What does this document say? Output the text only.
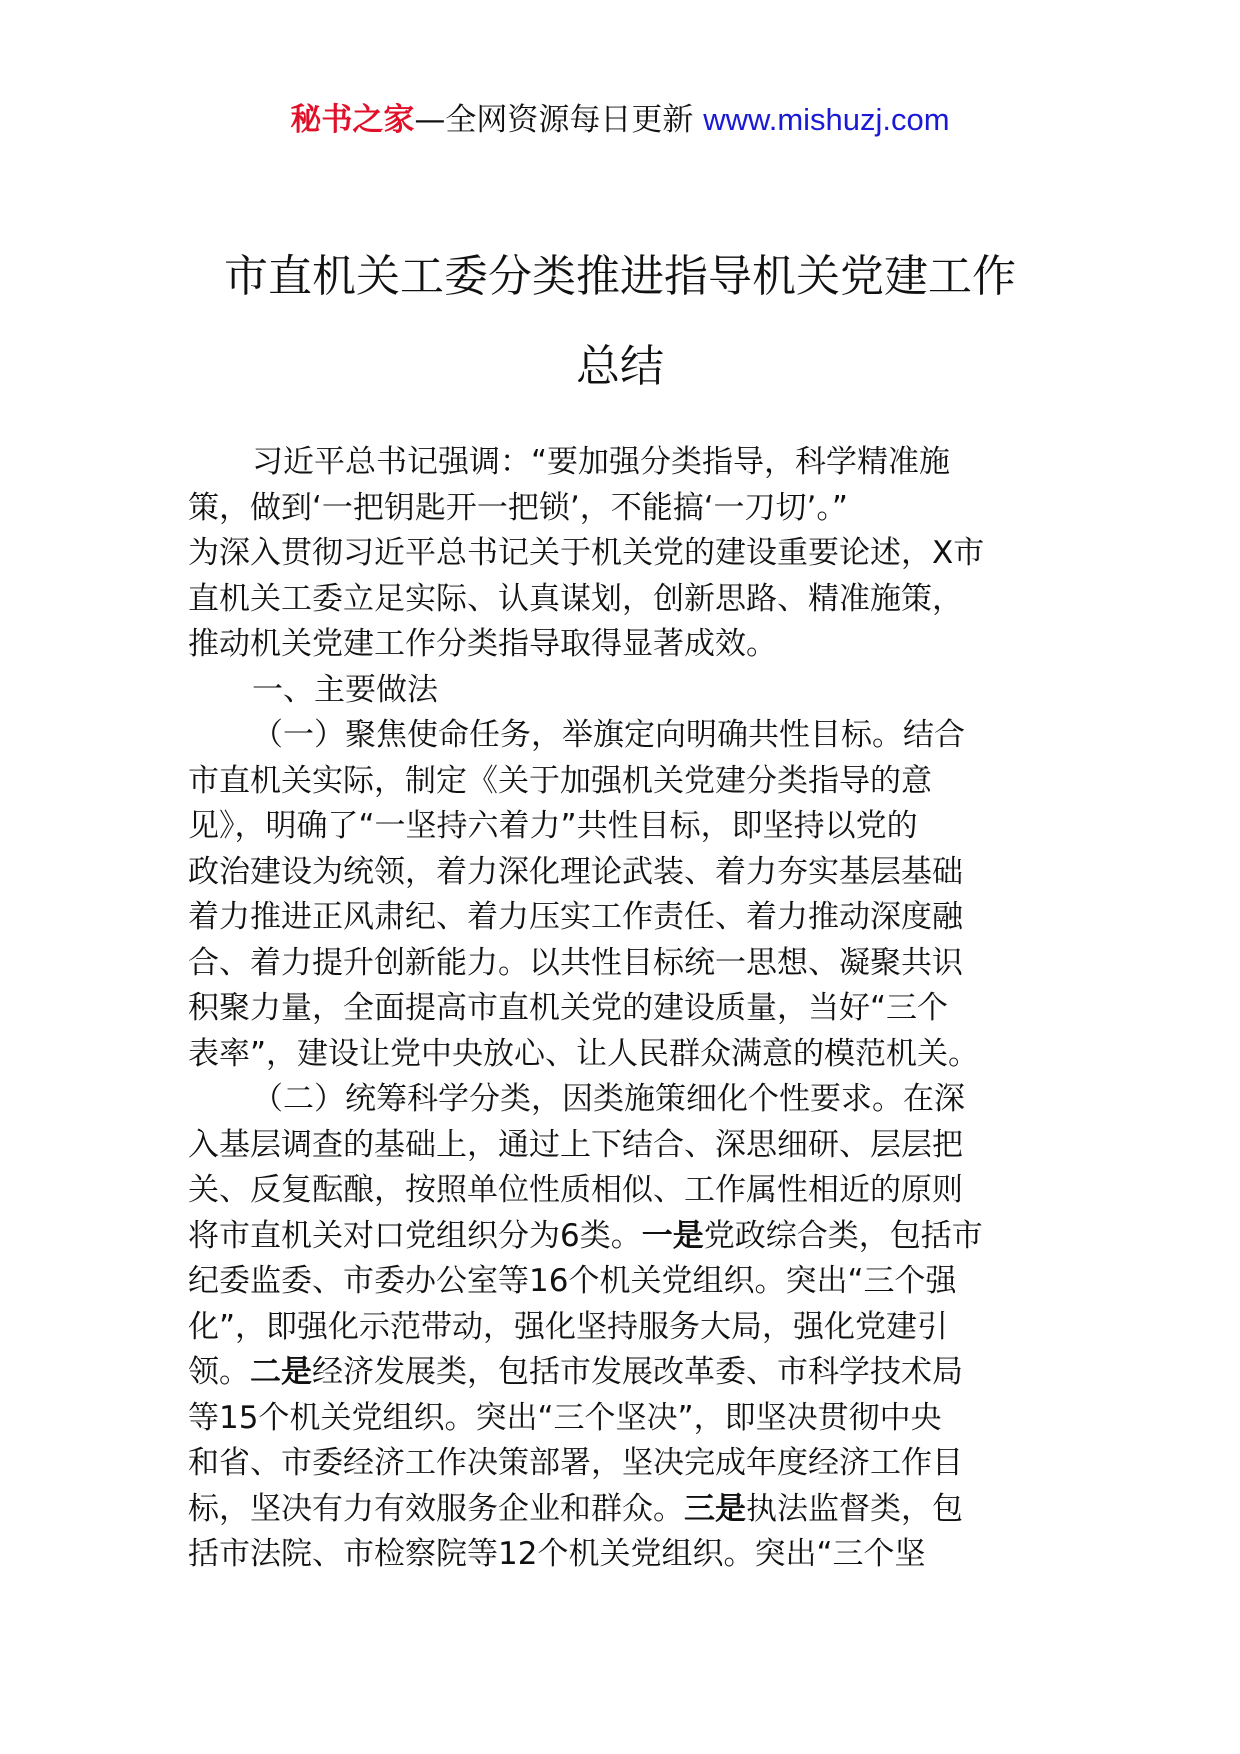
秘书之家—全网资源每日更新 www.mishuzj.com
市直机关工委分类推进指导机关党建工作
总结
习近平总书记强调：“要加强分类指导，科学精准施
策，做到‘一把钥匙开一把锁’，不能搞‘一刀切’。”
为深入贯彻习近平总书记关于机关党的建设重要论述，X市
直机关工委立足实际、认真谋划，创新思路、精准施策，
推动机关党建工作分类指导取得显著成效。
一、主要做法
（一）聚焦使命任务，举旗定向明确共性目标。结合
市直机关实际，制定《关于加强机关党建分类指导的意
见》，明确了“一坚持六着力”共性目标，即坚持以党的
政治建设为统领，着力深化理论武装、着力夯实基层基础
着力推进正风肃纪、着力压实工作责任、着力推动深度融
合、着力提升创新能力。以共性目标统一思想、凝聚共识
积聚力量，全面提高市直机关党的建设质量，当好“三个
表率”，建设让党中央放心、让人民群众满意的模范机关。
（二）统筹科学分类，因类施策细化个性要求。在深
入基层调查的基础上，通过上下结合、深思细研、层层把
关、反复酝酿，按照单位性质相似、工作属性相近的原则
将市直机关对口党组织分为6类。一是党政综合类，包括市
纪委监委、市委办公室等16个机关党组织。突出“三个强
化”，即强化示范带动，强化坚持服务大局，强化党建引
领。二是经济发展类，包括市发展改革委、市科学技术局
等15个机关党组织。突出“三个坚决”，即坚决贯彻中央
和省、市委经济工作决策部署，坚决完成年度经济工作目
标，坚决有力有效服务企业和群众。三是执法监督类，包
括市法院、市检察院等12个机关党组织。突出“三个坚
